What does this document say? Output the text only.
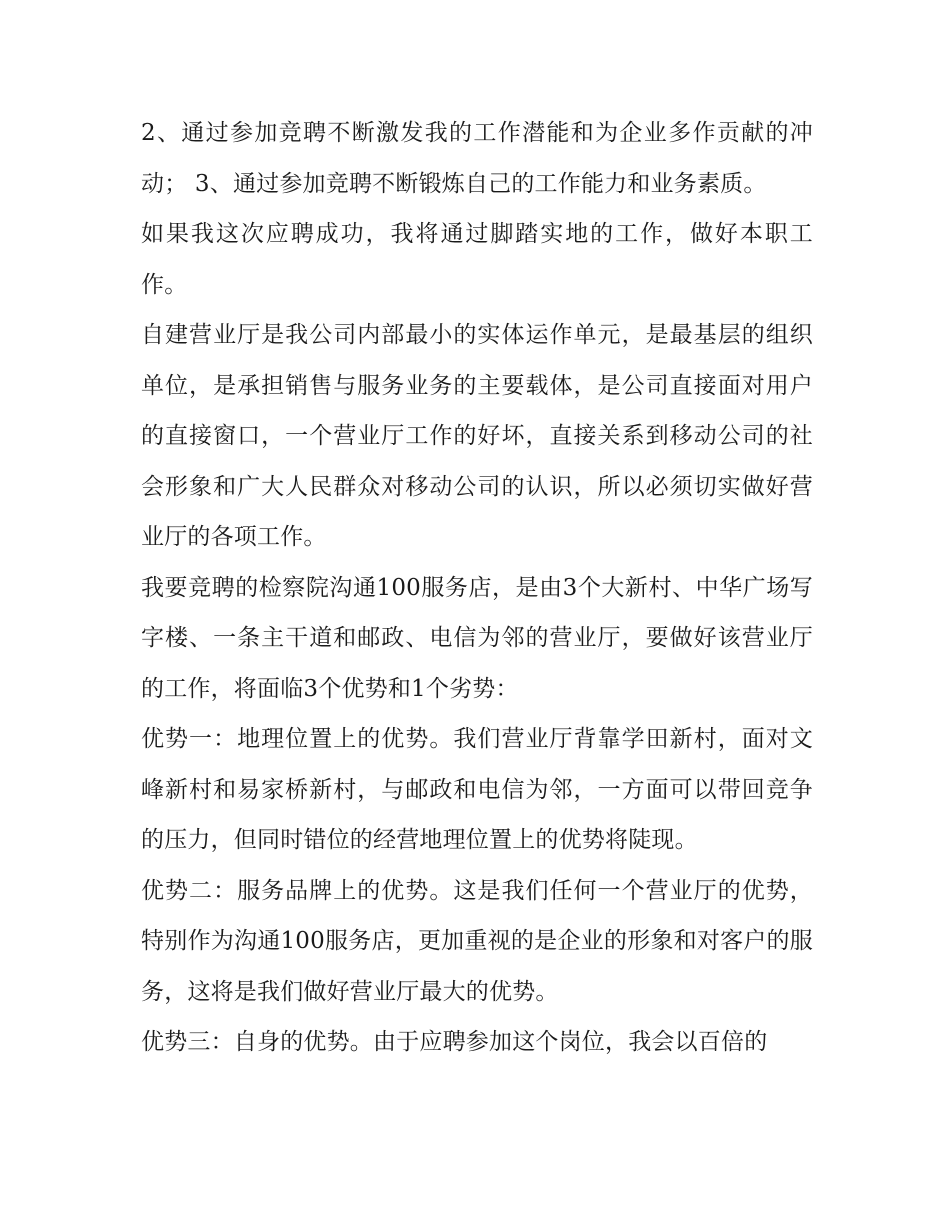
2、通过参加竞聘不断激发我的工作潜能和为企业多作贡献的冲动； 3、通过参加竞聘不断锻炼自己的工作能力和业务素质。

如果我这次应聘成功，我将通过脚踏实地的工作，做好本职工作。

自建营业厅是我公司内部最小的实体运作单元，是最基层的组织单位，是承担销售与服务业务的主要载体，是公司直接面对用户的直接窗口，一个营业厅工作的好坏，直接关系到移动公司的社会形象和广大人民群众对移动公司的认识，所以必须切实做好营业厅的各项工作。

我要竞聘的检察院沟通100服务店，是由3个大新村、中华广场写字楼、一条主干道和邮政、电信为邻的营业厅，要做好该营业厅的工作，将面临3个优势和1个劣势：

优势一：地理位置上的优势。我们营业厅背靠学田新村，面对文峰新村和易家桥新村，与邮政和电信为邻，一方面可以带回竞争的压力，但同时错位的经营地理位置上的优势将陡现。

优势二：服务品牌上的优势。这是我们任何一个营业厅的优势，特别作为沟通100服务店，更加重视的是企业的形象和对客户的服务，这将是我们做好营业厅最大的优势。

优势三：自身的优势。由于应聘参加这个岗位，我会以百倍的
